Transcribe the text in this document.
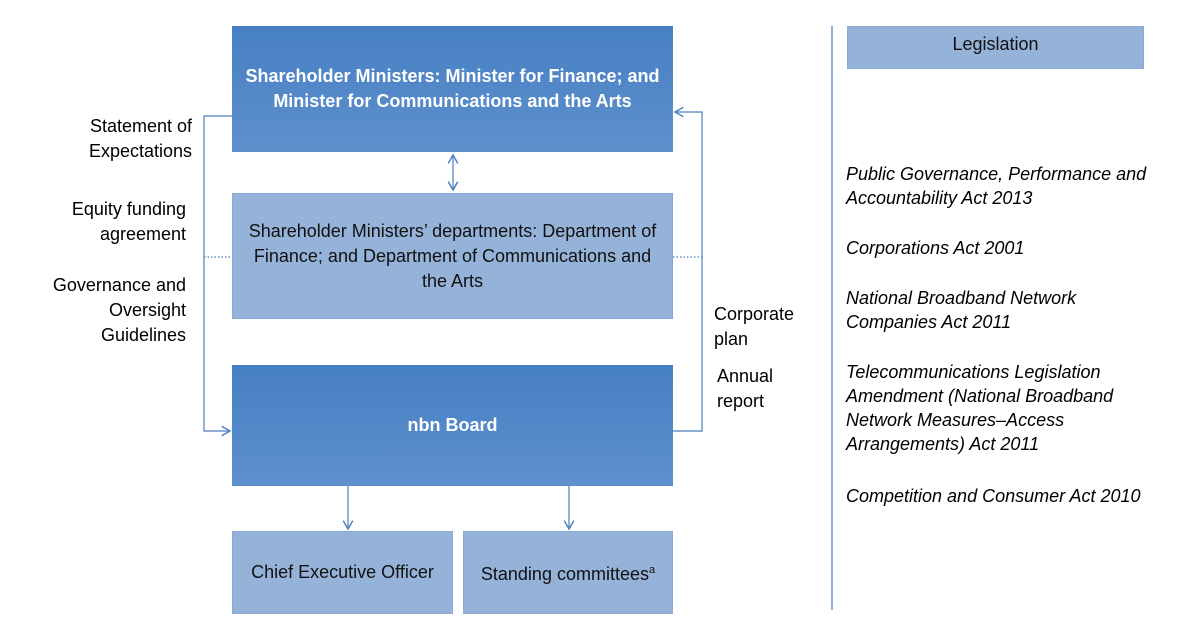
Shareholder Ministers: Minister for Finance; and Minister for Communications and the Arts
Shareholder Ministers’ departments: Department of Finance; and Department of Communications and the Arts
nbn Board
Chief Executive Officer	Standing committees$^a$
Statement of Expectations
Equity funding agreement
Governance and Oversight Guidelines
Corporate plan
Annual report
Legislation
Public Governance, Performance and Accountability Act 2013
Corporations Act 2001
National Broadband Network Companies Act 2011
Telecommunications Legislation Amendment (National Broadband Network Measures–Access Arrangements) Act 2011
Competition and Consumer Act 2010
